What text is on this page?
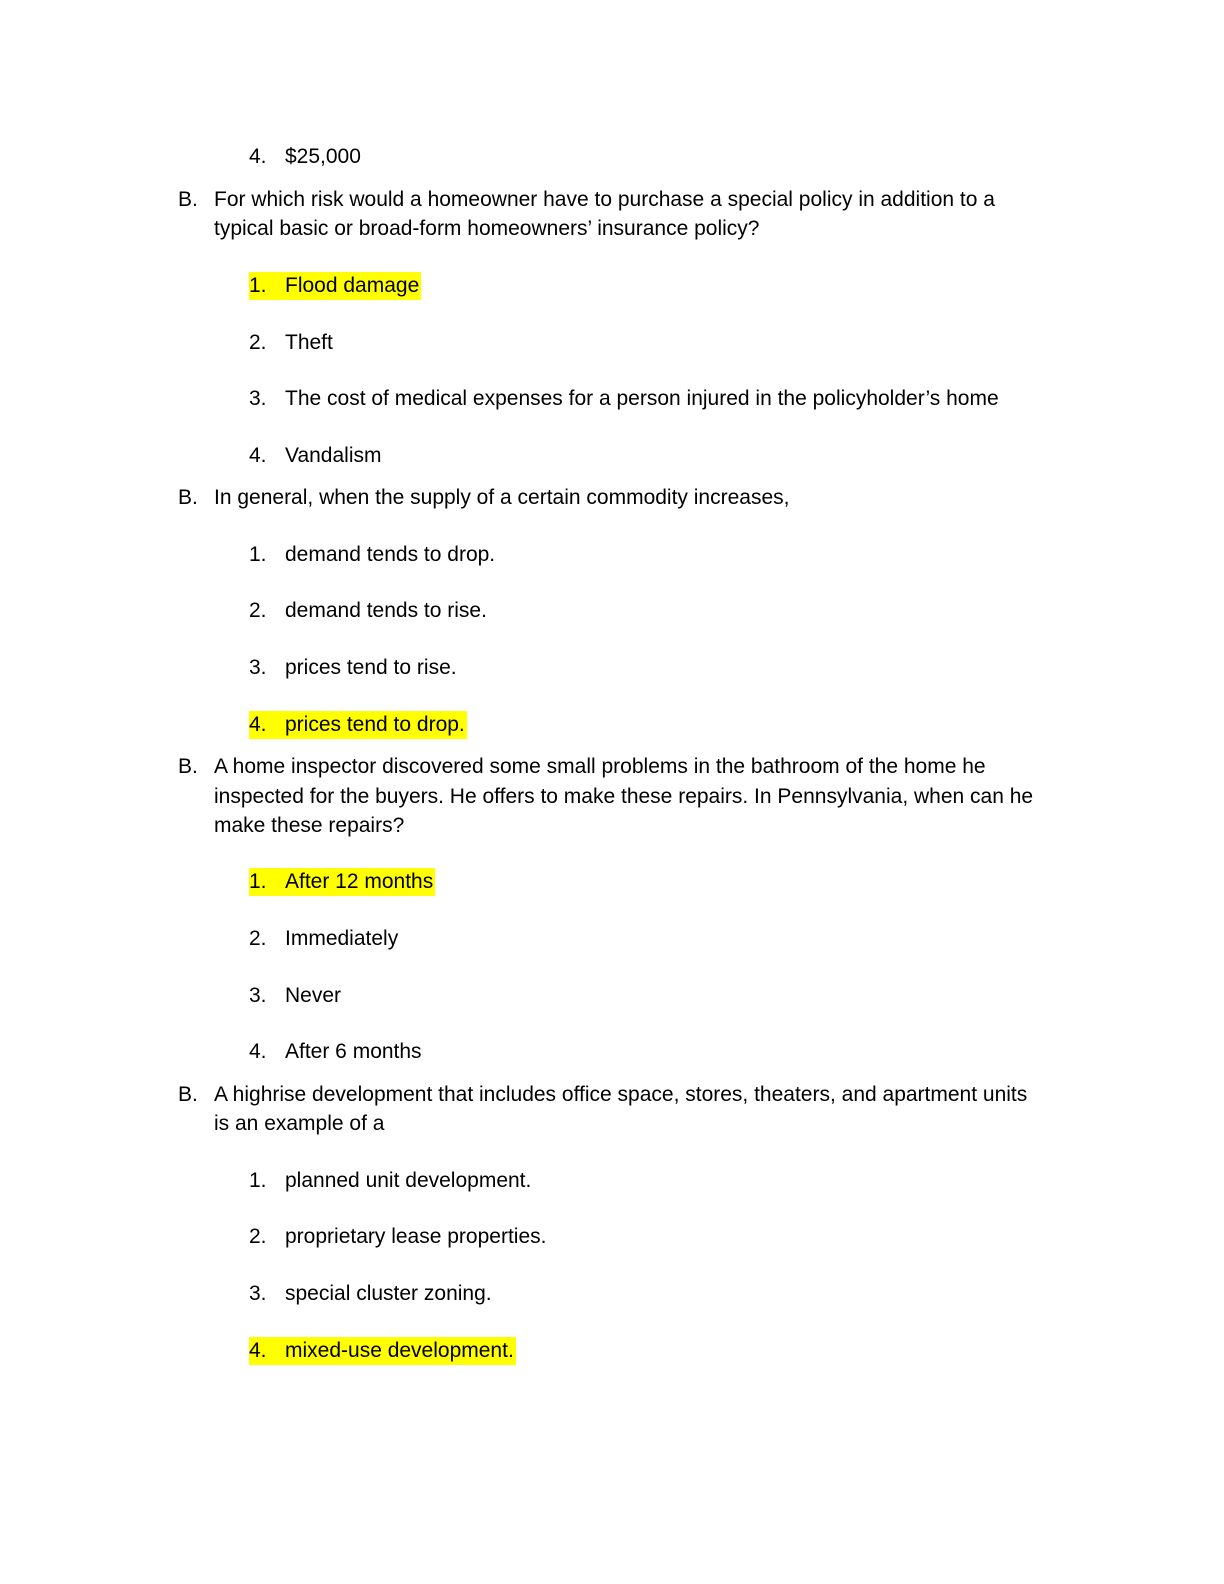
4. $25,000
B. For which risk would a homeowner have to purchase a special policy in addition to a
typical basic or broad-form homeowners’ insurance policy?
1. Flood damage
2. Theft
3. The cost of medical expenses for a person injured in the policyholder’s home
4. Vandalism
B. In general, when the supply of a certain commodity increases,
1. demand tends to drop.
2. demand tends to rise.
3. prices tend to rise.
4. prices tend to drop.
B. A home inspector discovered some small problems in the bathroom of the home he
inspected for the buyers. He offers to make these repairs. In Pennsylvania, when can he
make these repairs?
1. After 12 months
2. Immediately
3. Never
4. After 6 months
B. A highrise development that includes office space, stores, theaters, and apartment units
is an example of a
1. planned unit development.
2. proprietary lease properties.
3. special cluster zoning.
4. mixed-use development.
